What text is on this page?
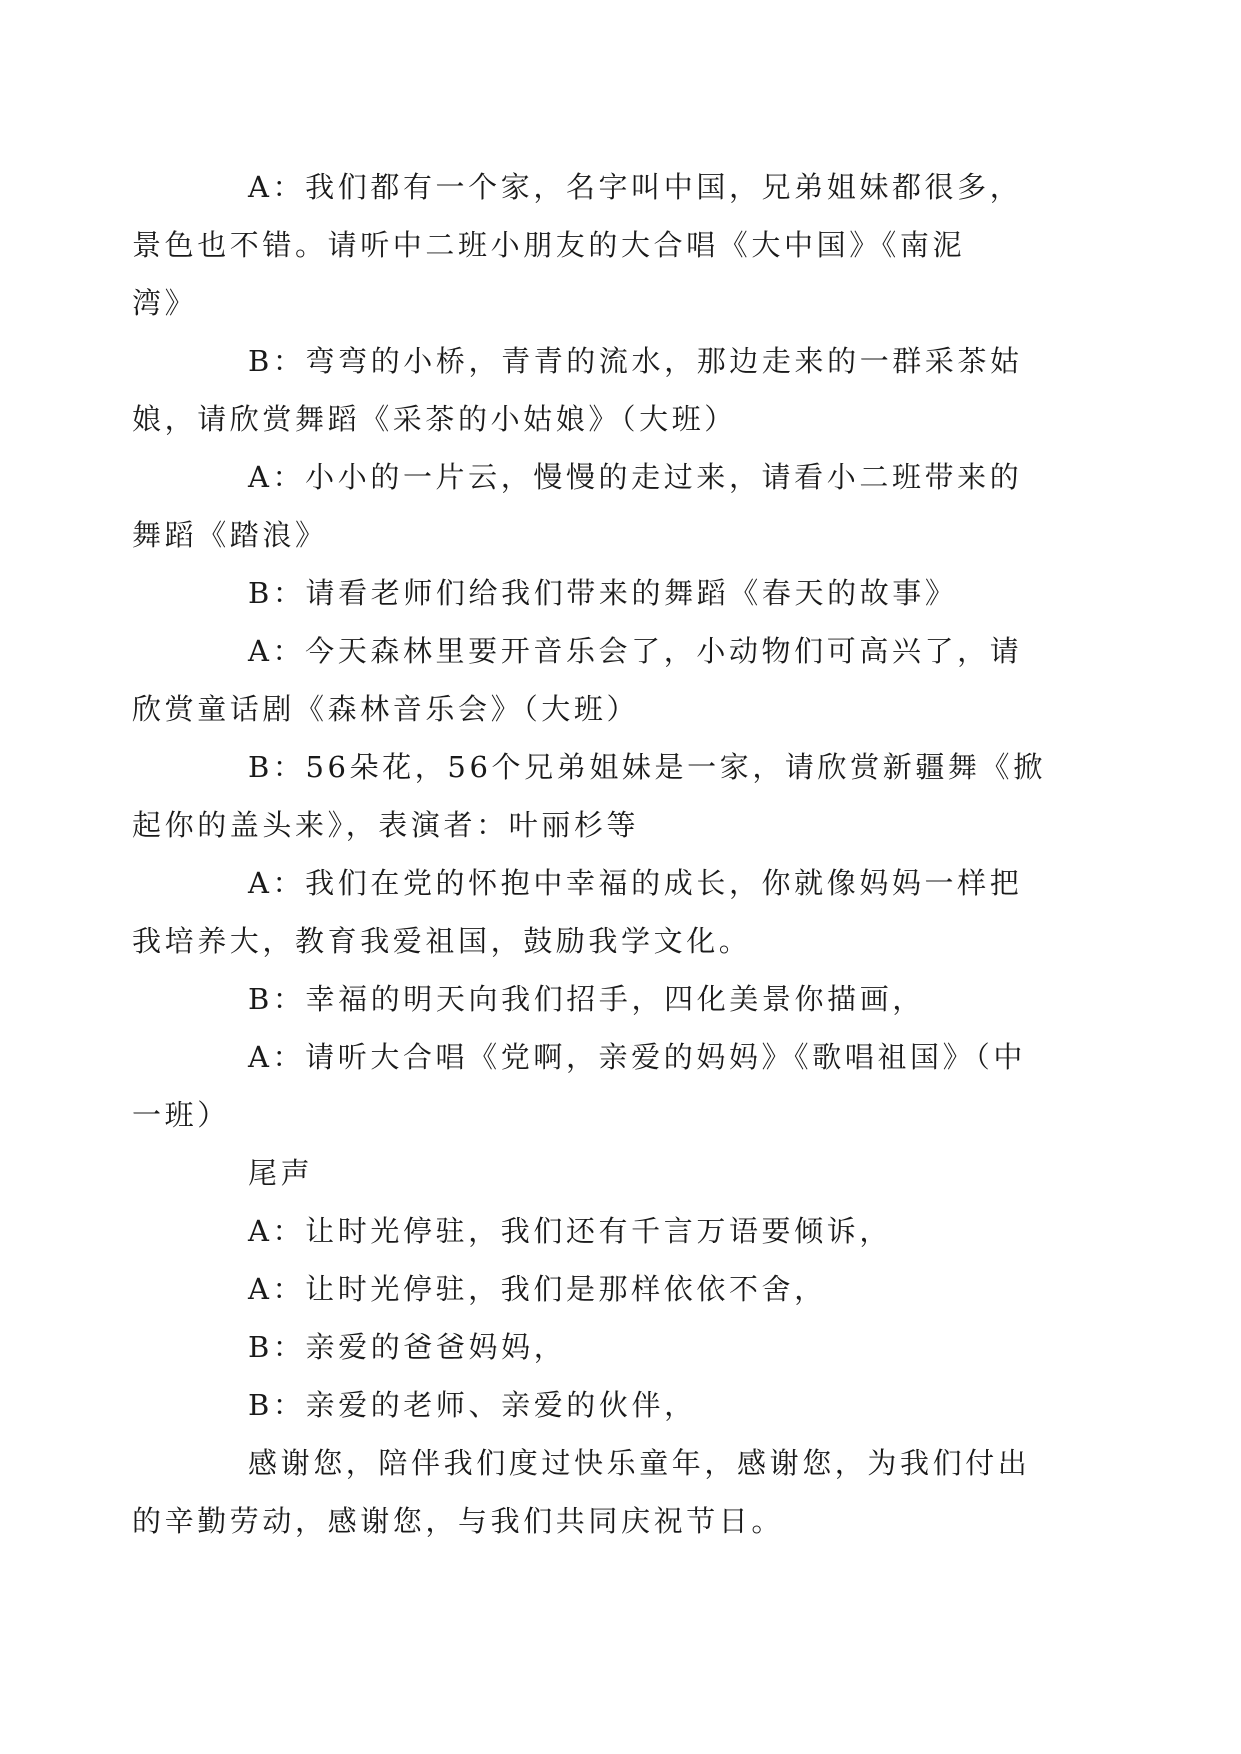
A：我们都有一个家，名字叫中国，兄弟姐妹都很多，
景色也不错。请听中二班小朋友的大合唱《大中国》《南泥
湾》
B：弯弯的小桥，青青的流水，那边走来的一群采茶姑
娘，请欣赏舞蹈《采茶的小姑娘》（大班）
A：小小的一片云，慢慢的走过来，请看小二班带来的
舞蹈《踏浪》
B：请看老师们给我们带来的舞蹈《春天的故事》
A：今天森林里要开音乐会了，小动物们可高兴了，请
欣赏童话剧《森林音乐会》（大班）
B：56朵花，56个兄弟姐妹是一家，请欣赏新疆舞《掀
起你的盖头来》，表演者：叶丽杉等
A：我们在党的怀抱中幸福的成长，你就像妈妈一样把
我培养大，教育我爱祖国，鼓励我学文化。
B：幸福的明天向我们招手，四化美景你描画，
A：请听大合唱《党啊，亲爱的妈妈》《歌唱祖国》（中
一班）
尾声
A：让时光停驻，我们还有千言万语要倾诉，
A：让时光停驻，我们是那样依依不舍，
B：亲爱的爸爸妈妈，
B：亲爱的老师、亲爱的伙伴，
感谢您，陪伴我们度过快乐童年，感谢您，为我们付出
的辛勤劳动，感谢您，与我们共同庆祝节日。
